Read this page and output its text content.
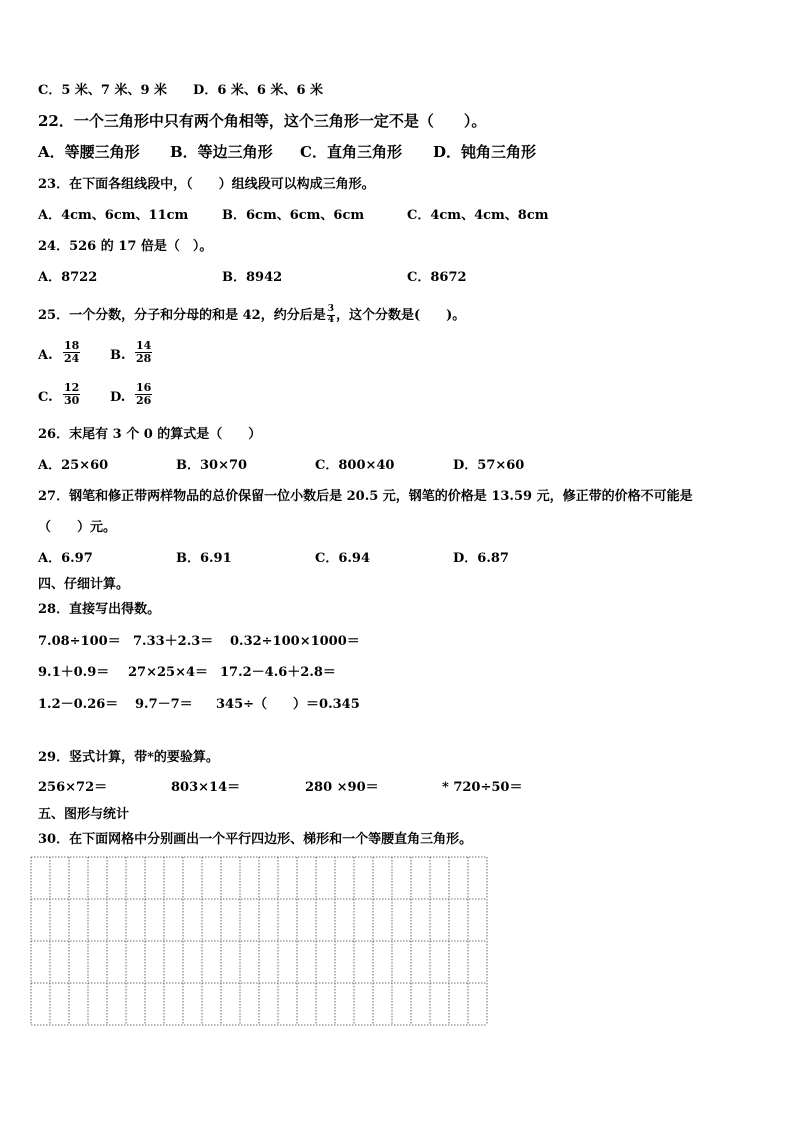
C．5 米、7 米、9 米　　D．6 米、6 米、6 米
22．一个三角形中只有两个角相等，这个三角形一定不是（　　）。
A．等腰三角形 B．等边三角形 C．直角三角形 D．钝角三角形
23．在下面各组线段中，（　　）组线段可以构成三角形。
A．4cm、6cm、11cm	B．6cm、6cm、6cm	C．4cm、4cm、8cm
24．526 的 17 倍是（　）。
A．8722	B．8942	C．8672
25．一个分数，分子和分母的和是 42，约分后是 $\frac{3}{4}$ ，这个分数是(　　)。
A. $\frac{18}{24} B$. $\frac{14}{28}$
C. $\frac{12}{30} D$. $\frac{16}{26}$
26．末尾有 3 个 0 的算式是（　　）
A．25×60	B．30×70	C．800×40	D．57×60
27．钢笔和修正带两样物品的总价保留一位小数后是 20.5 元，钢笔的价格是 13.59 元，修正带的价格不可能是
（　　）元。
A．6.97	B．6.91	C．6.94	D．6.87
四、仔细计算。
28．直接写出得数。
7.08÷100＝ 7.33＋2.3＝ 0.32÷100×1000＝
9.1＋0.9＝ 27×25×4＝ 17.2－4.6＋2.8＝
1.2－0.26＝ 9.7－7＝ 345÷（　　）＝0.345
29．竖式计算，带*的要验算。
256×72＝	803×14＝	280 ×90＝	* 720÷50＝
五、图形与统计
30．在下面网格中分别画出一个平行四边形、梯形和一个等腰直角三角形。
